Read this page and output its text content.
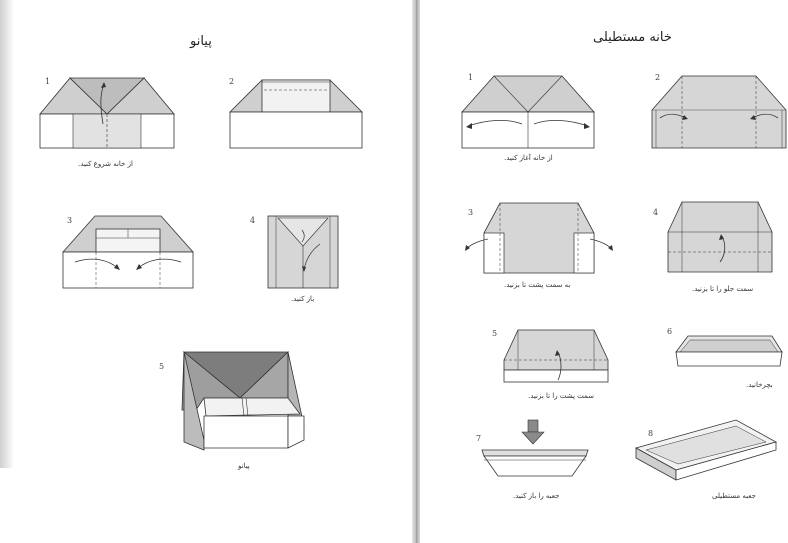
پیانو
1
از خانه شروع کنید.
2
3	4
باز کنید.
5
پیانو
خانه مستطیلی
1
از خانه آغاز کنید.
2
3
به سمت پشت تا بزنید.
4
سمت جلو را تا بزنید.
5
سمت پشت را تا بزنید.
6
بچرخانید.
7
جعبه را باز کنید.
8
جعبه مستطیلی
